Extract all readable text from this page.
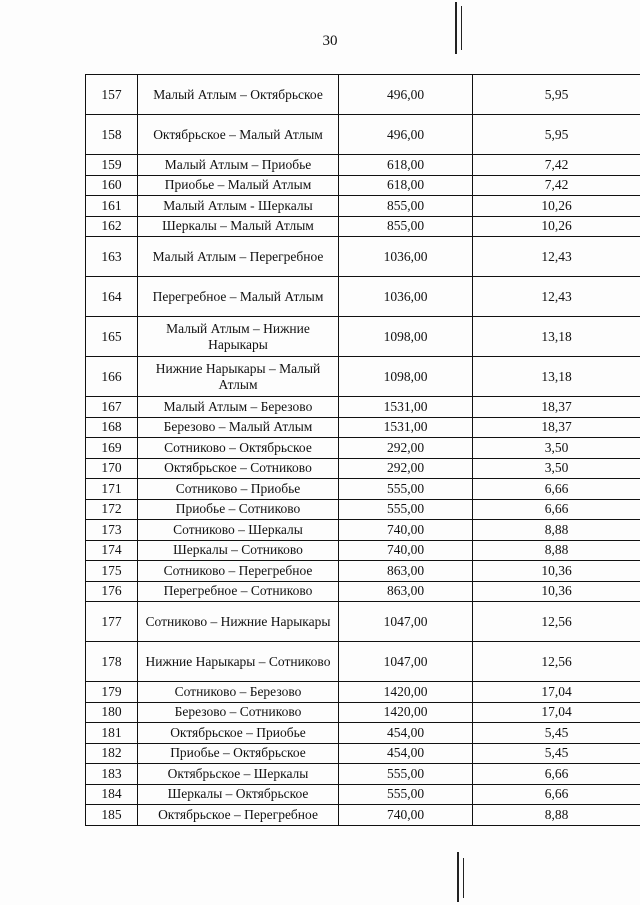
30
157	Малый Атлым – Октябрьское	496,00	5,95
158	Октябрьское – Малый Атлым	496,00	5,95
159	Малый Атлым – Приобье	618,00	7,42
160	Приобье – Малый Атлым	618,00	7,42
161	Малый Атлым - Шеркалы	855,00	10,26
162	Шеркалы – Малый Атлым	855,00	10,26
163	Малый Атлым – Перегребное	1036,00	12,43
164	Перегребное – Малый Атлым	1036,00	12,43
165	Малый Атлым – Нижние Нарыкары	1098,00	13,18
166	Нижние Нарыкары – Малый Атлым	1098,00	13,18
167	Малый Атлым – Березово	1531,00	18,37
168	Березово – Малый Атлым	1531,00	18,37
169	Сотниково – Октябрьское	292,00	3,50
170	Октябрьское – Сотниково	292,00	3,50
171	Сотниково – Приобье	555,00	6,66
172	Приобье – Сотниково	555,00	6,66
173	Сотниково – Шеркалы	740,00	8,88
174	Шеркалы – Сотниково	740,00	8,88
175	Сотниково – Перегребное	863,00	10,36
176	Перегребное – Сотниково	863,00	10,36
177	Сотниково – Нижние Нарыкары	1047,00	12,56
178	Нижние Нарыкары – Сотниково	1047,00	12,56
179	Сотниково – Березово	1420,00	17,04
180	Березово – Сотниково	1420,00	17,04
181	Октябрьское – Приобье	454,00	5,45
182	Приобье – Октябрьское	454,00	5,45
183	Октябрьское – Шеркалы	555,00	6,66
184	Шеркалы – Октябрьское	555,00	6,66
185	Октябрьское – Перегребное	740,00	8,88
